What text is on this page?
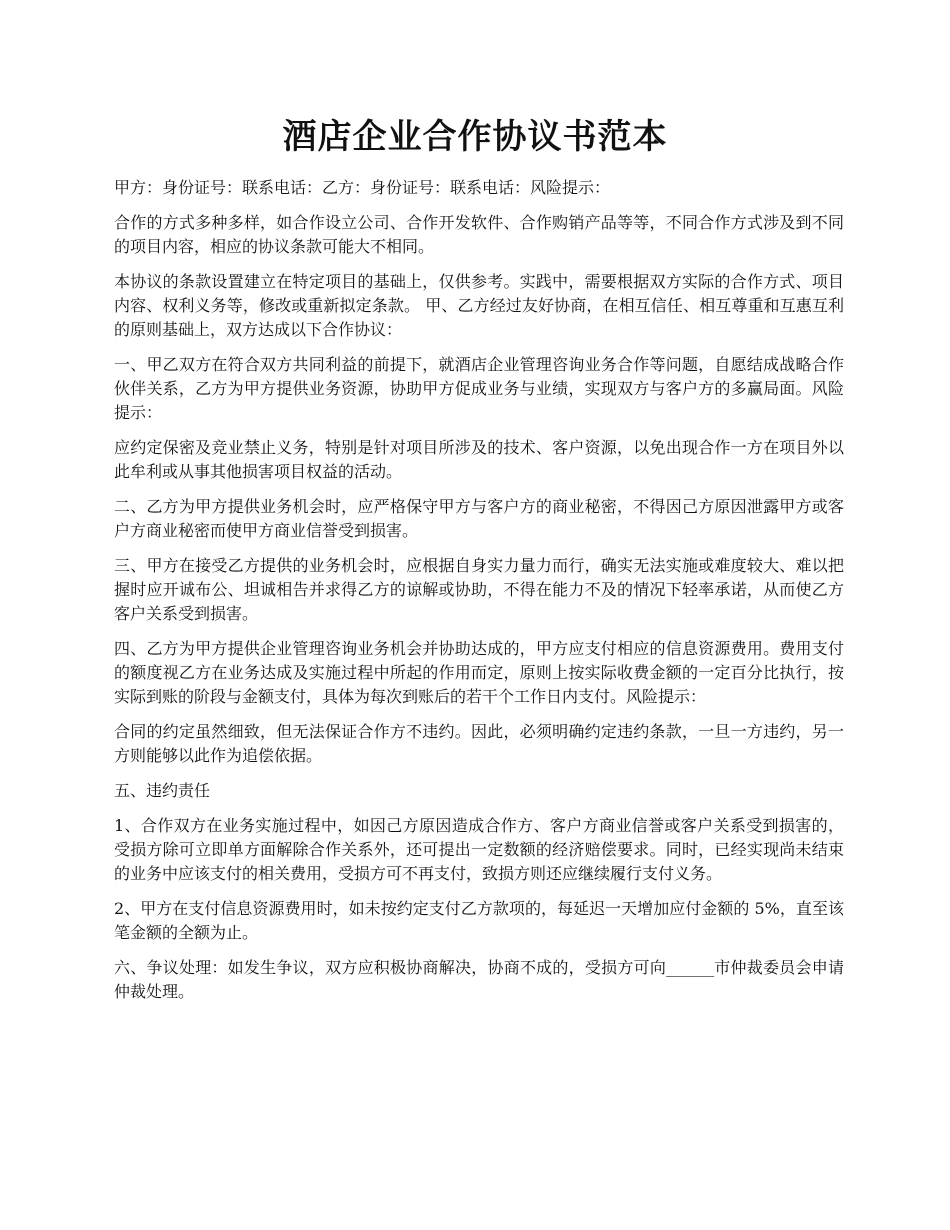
酒店企业合作协议书范本

甲方：身份证号：联系电话：乙方：身份证号：联系电话：风险提示：

合作的方式多种多样，如合作设立公司、合作开发软件、合作购销产品等等，不同合作方式涉及到不同的项目内容，相应的协议条款可能大不相同。

本协议的条款设置建立在特定项目的基础上，仅供参考。实践中，需要根据双方实际的合作方式、项目内容、权利义务等，修改或重新拟定条款。 甲、乙方经过友好协商，在相互信任、相互尊重和互惠互利的原则基础上，双方达成以下合作协议：

一、甲乙双方在符合双方共同利益的前提下，就酒店企业管理咨询业务合作等问题，自愿结成战略合作伙伴关系，乙方为甲方提供业务资源，协助甲方促成业务与业绩，实现双方与客户方的多赢局面。风险提示：

应约定保密及竞业禁止义务，特别是针对项目所涉及的技术、客户资源，以免出现合作一方在项目外以此牟利或从事其他损害项目权益的活动。

二、乙方为甲方提供业务机会时，应严格保守甲方与客户方的商业秘密，不得因己方原因泄露甲方或客户方商业秘密而使甲方商业信誉受到损害。

三、甲方在接受乙方提供的业务机会时，应根据自身实力量力而行，确实无法实施或难度较大、难以把握时应开诚布公、坦诚相告并求得乙方的谅解或协助，不得在能力不及的情况下轻率承诺，从而使乙方客户关系受到损害。

四、乙方为甲方提供企业管理咨询业务机会并协助达成的，甲方应支付相应的信息资源费用。费用支付的额度视乙方在业务达成及实施过程中所起的作用而定，原则上按实际收费金额的一定百分比执行，按实际到账的阶段与金额支付，具体为每次到账后的若干个工作日内支付。风险提示：

合同的约定虽然细致，但无法保证合作方不违约。因此，必须明确约定违约条款，一旦一方违约，另一方则能够以此作为追偿依据。

五、违约责任

1、合作双方在业务实施过程中，如因己方原因造成合作方、客户方商业信誉或客户关系受到损害的，受损方除可立即单方面解除合作关系外，还可提出一定数额的经济赔偿要求。同时，已经实现尚未结束的业务中应该支付的相关费用，受损方可不再支付，致损方则还应继续履行支付义务。

2、甲方在支付信息资源费用时，如未按约定支付乙方款项的，每延迟一天增加应付金额的 5%，直至该笔金额的全额为止。

六、争议处理：如发生争议，双方应积极协商解决，协商不成的，受损方可向______市仲裁委员会申请仲裁处理。
